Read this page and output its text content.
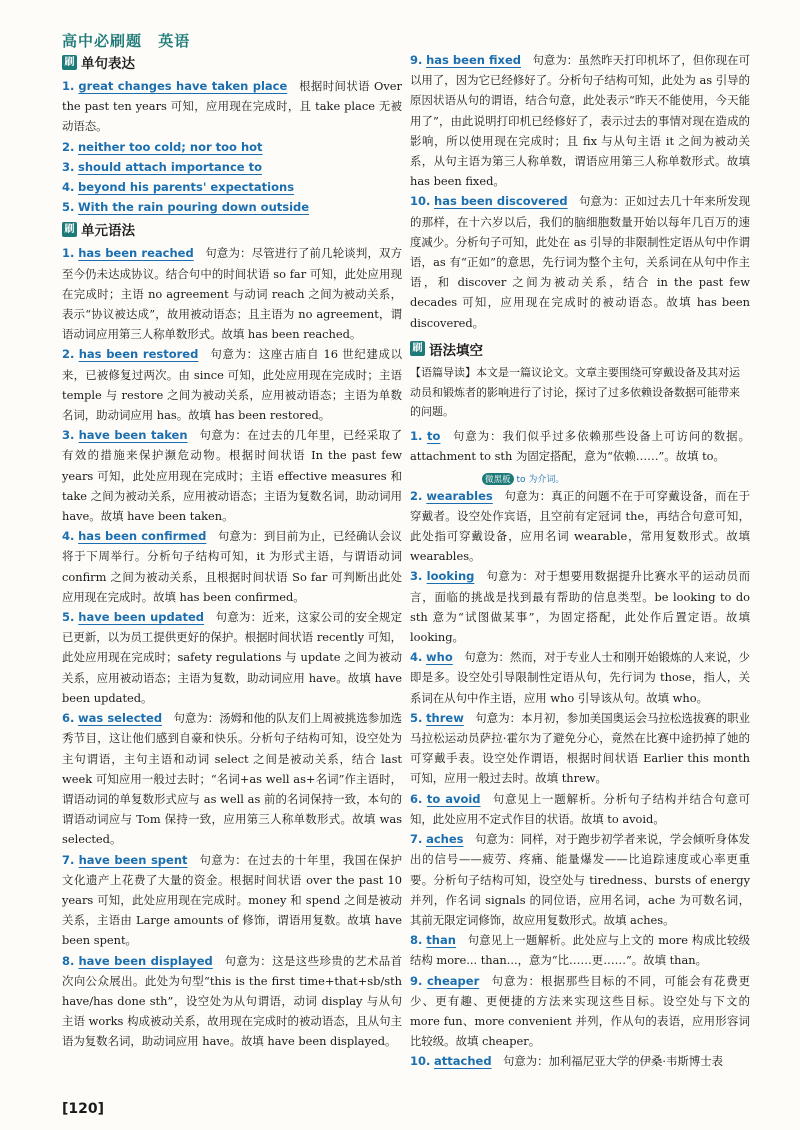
高中必刷题 英语
刷 单句表达

1. great changes have taken place  根据时间状语 Over the past ten years 可知，应用现在完成时，且 take place 无被动语态。

2. neither too cold; nor too hot 

3. should attach importance to 

4. beyond his parents' expectations 

5. With the rain pouring down outside 

刷 单元语法

1. has been reached  句意为：尽管进行了前几轮谈判，双方至今仍未达成协议。结合句中的时间状语 so far 可知，此处应用现在完成时；主语 no agreement 与动词 reach 之间为被动关系，表示“协议被达成”，故用被动语态；且主语为 no agreement，谓语动词应用第三人称单数形式。故填 has been reached。

2. has been restored  句意为：这座古庙自 16 世纪建成以来，已被修复过两次。由 since 可知，此处应用现在完成时；主语 temple 与 restore 之间为被动关系，应用被动语态；主语为单数名词，助动词应用 has。故填 has been restored。

3. have been taken  句意为：在过去的几年里，已经采取了有效的措施来保护濒危动物。根据时间状语 In the past few years 可知，此处应用现在完成时；主语 effective measures 和 take 之间为被动关系，应用被动语态；主语为复数名词，助动词用 have。故填 have been taken。

4. has been confirmed  句意为：到目前为止，已经确认会议将于下周举行。分析句子结构可知，it 为形式主语，与谓语动词 confirm 之间为被动关系，且根据时间状语 So far 可判断出此处应用现在完成时。故填 has been confirmed。

5. have been updated  句意为：近来，这家公司的安全规定已更新，以为员工提供更好的保护。根据时间状语 recently 可知，此处应用现在完成时；safety regulations 与 update 之间为被动关系，应用被动语态；主语为复数，助动词应用 have。故填 have been updated。

6. was selected  句意为：汤姆和他的队友们上周被挑选参加选秀节目，这让他们感到自豪和快乐。分析句子结构可知，设空处为主句谓语，主句主语和动词 select 之间是被动关系，结合 last week 可知应用一般过去时；“名词+as well as+名词”作主语时，谓语动词的单复数形式应与 as well as 前的名词保持一致，本句的谓语动词应与 Tom 保持一致，应用第三人称单数形式。故填 was selected。

7. have been spent  句意为：在过去的十年里，我国在保护文化遗产上花费了大量的资金。根据时间状语 over the past 10 years 可知，此处应用现在完成时。money 和 spend 之间是被动关系，主语由 Large amounts of 修饰，谓语用复数。故填 have been spent。

8. have been displayed  句意为：这是这些珍贵的艺术品首次向公众展出。此处为句型“this is the first time+that+sb/sth have/has done sth”，设空处为从句谓语，动词 display 与从句主语 works 构成被动关系，故用现在完成时的被动语态，且从句主语为复数名词，助动词应用 have。故填 have been displayed。

9. has been fixed  句意为：虽然昨天打印机坏了，但你现在可以用了，因为它已经修好了。分析句子结构可知，此处为 as 引导的原因状语从句的谓语，结合句意，此处表示“昨天不能使用，今天能用了”，由此说明打印机已经修好了，表示过去的事情对现在造成的影响，所以使用现在完成时；且 fix 与从句主语 it 之间为被动关系，从句主语为第三人称单数，谓语应用第三人称单数形式。故填 has been fixed。

10. has been discovered  句意为：正如过去几十年来所发现的那样，在十六岁以后，我们的脑细胞数量开始以每年几百万的速度减少。分析句子可知，此处在 as 引导的非限制性定语从句中作谓语，as 有“正如”的意思，先行词为整个主句，关系词在从句中作主语，和 discover 之间为被动关系，结合 in the past few decades 可知，应用现在完成时的被动语态。故填 has been discovered。

刷 语法填空

【语篇导读】本文是一篇议论文。文章主要围绕可穿戴设备及其对运动员和锻炼者的影响进行了讨论，探讨了过多依赖设备数据可能带来的问题。

1. to  句意为：我们似乎过多依赖那些设备上可访问的数据。attachment to sth 为固定搭配，意为“依赖……”。故填 to。

微黑板 to 为介词。

2. wearables  句意为：真正的问题不在于可穿戴设备，而在于穿戴者。设空处作宾语，且空前有定冠词 the，再结合句意可知，此处指可穿戴设备，应用名词 wearable，常用复数形式。故填 wearables。

3. looking  句意为：对于想要用数据提升比赛水平的运动员而言，面临的挑战是找到最有帮助的信息类型。be looking to do sth 意为“试图做某事”，为固定搭配，此处作后置定语。故填 looking。

4. who  句意为：然而，对于专业人士和刚开始锻炼的人来说，少即是多。设空处引导限制性定语从句，先行词为 those，指人，关系词在从句中作主语，应用 who 引导该从句。故填 who。

5. threw  句意为：本月初，参加美国奥运会马拉松选拔赛的职业马拉松运动员萨拉·霍尔为了避免分心，竟然在比赛中途扔掉了她的可穿戴手表。设空处作谓语，根据时间状语 Earlier this month 可知，应用一般过去时。故填 threw。

6. to avoid  句意见上一题解析。分析句子结构并结合句意可知，此处应用不定式作目的状语。故填 to avoid。

7. aches  句意为：同样，对于跑步初学者来说，学会倾听身体发出的信号——疲劳、疼痛、能量爆发——比追踪速度或心率更重要。分析句子结构可知，设空处与 tiredness、bursts of energy 并列，作名词 signals 的同位语，应用名词，ache 为可数名词，其前无限定词修饰，故应用复数形式。故填 aches。

8. than  句意见上一题解析。此处应与上文的 more 构成比较级结构 more... than...，意为“比……更……”。故填 than。

9. cheaper  句意为：根据那些目标的不同，可能会有花费更少、更有趣、更便捷的方法来实现这些目标。设空处与下文的 more fun、more convenient 并列，作从句的表语，应用形容词比较级。故填 cheaper。

10. attached  句意为：加利福尼亚大学的伊桑·韦斯博士表

[120]
